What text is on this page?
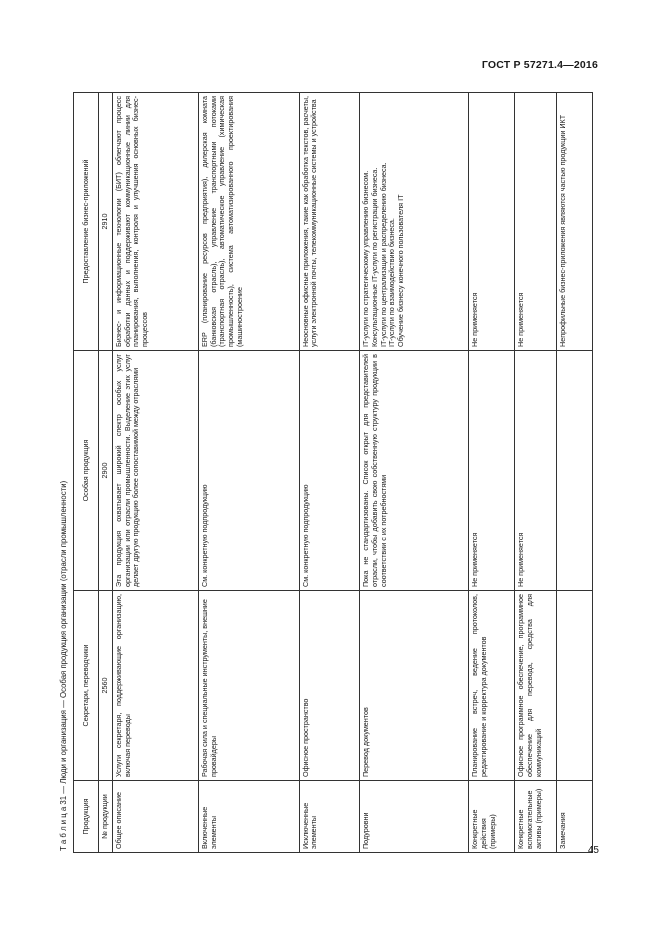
ГОСТ Р 57271.4—2016
Т а б л и ц а 31 — Люди и организация — Особая продукция организации (отрасли промышленности) Продукция	Секретари, переводчики	Особая продукция	Предоставление бизнес-приложений
№ продукции	2560	2900	2910
Общее описание	Услуги секретаря, поддерживающие организацию, включая переводы	Эта продукция охватывает широкий спектр особых услуг организации или отрасли промышленности. Выделение этих услуг делает другую продукцию более сопоставимой между отраслями	Бизнес- и информационные технологии (БИТ) облегчают процесс обработки данных и поддерживают коммуникационные линии для планирования, выполнения, контроля и улучшения основных бизнес-процессов
Включенные элементы	Рабочая сила и специальные инструменты, внешние провайдеры	См. конкретную подпродукцию	ERP (планирование ресурсов предприятия), дилерская комната (банковская отрасль), управление транспортными потоками (транспортная отрасль), автоматическое управление (химическая промышленность), система автоматизированного проектирования (машиностроение
Исключенные элементы	Офисное пространство	См. конкретную подпродукцию	Неосновные офисные приложения, такие как обработка текстов, расчеты, услуги электронной почты, телекоммуникационные системы и устройства
Подуровни	Перевод документов	Пока не стандартизованы. Список открыт для представителей отрасли, чтобы добавить свою собственную структуру продукции в соответствии с их потребностями	IT-услуги по стратегическому управлению бизнесом.
Консультационные IT-услуги по регистрации бизнеса.
IT-услуги по централизации и распределению бизнеса.
IT-услуги по взаимодействию бизнеса.
Обучение бизнесу конечного пользователя IT
Конкретные действия (примеры)	Планирование встреч, ведение протоколов, редактирование и корректура документов	Не применяется	Не применяется
Конкретные вспомогательные активы (примеры)	Офисное программное обеспечение, программное обеспечение для перевода, средства для коммуникаций	Не применяется	Не применяется
Замечания			Непрофильные бизнес-приложения являются частью продукции ИКТ
45
